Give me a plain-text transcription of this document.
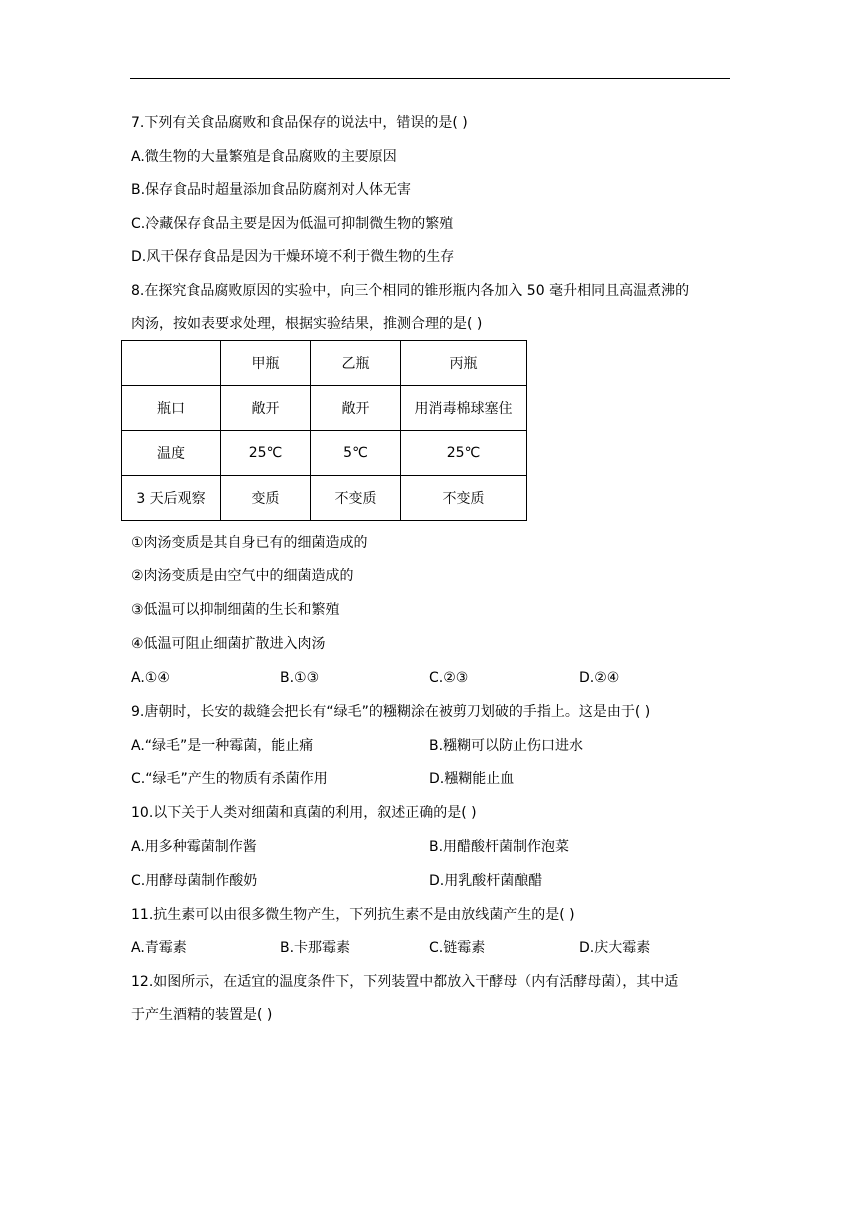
7.下列有关食品腐败和食品保存的说法中，错误的是( )
A.微生物的大量繁殖是食品腐败的主要原因
B.保存食品时超量添加食品防腐剂对人体无害
C.冷藏保存食品主要是因为低温可抑制微生物的繁殖
D.风干保存食品是因为干燥环境不利于微生物的生存
8.在探究食品腐败原因的实验中，向三个相同的锥形瓶内各加入 50 毫升相同且高温煮沸的
肉汤，按如表要求处理，根据实验结果，推测合理的是( )
	甲瓶	乙瓶	丙瓶
瓶口	敞开	敞开	用消毒棉球塞住
温度	25℃	5℃	25℃
3 天后观察	变质	不变质	不变质
①肉汤变质是其自身已有的细菌造成的
②肉汤变质是由空气中的细菌造成的
③低温可以抑制细菌的生长和繁殖
④低温可阻止细菌扩散进入肉汤
A.①④	B.①③	C.②③	D.②④
9.唐朝时，长安的裁缝会把长有“绿毛”的糨糊涂在被剪刀划破的手指上。这是由于( )
A.“绿毛”是一种霉菌，能止痛	B.糨糊可以防止伤口进水
C.“绿毛”产生的物质有杀菌作用	D.糨糊能止血
10.以下关于人类对细菌和真菌的利用，叙述正确的是( )
A.用多种霉菌制作酱	B.用醋酸杆菌制作泡菜
C.用酵母菌制作酸奶	D.用乳酸杆菌酿醋
11.抗生素可以由很多微生物产生，下列抗生素不是由放线菌产生的是( )
A.青霉素	B.卡那霉素	C.链霉素	D.庆大霉素
12.如图所示，在适宜的温度条件下，下列装置中都放入干酵母（内有活酵母菌），其中适
于产生酒精的装置是( )
